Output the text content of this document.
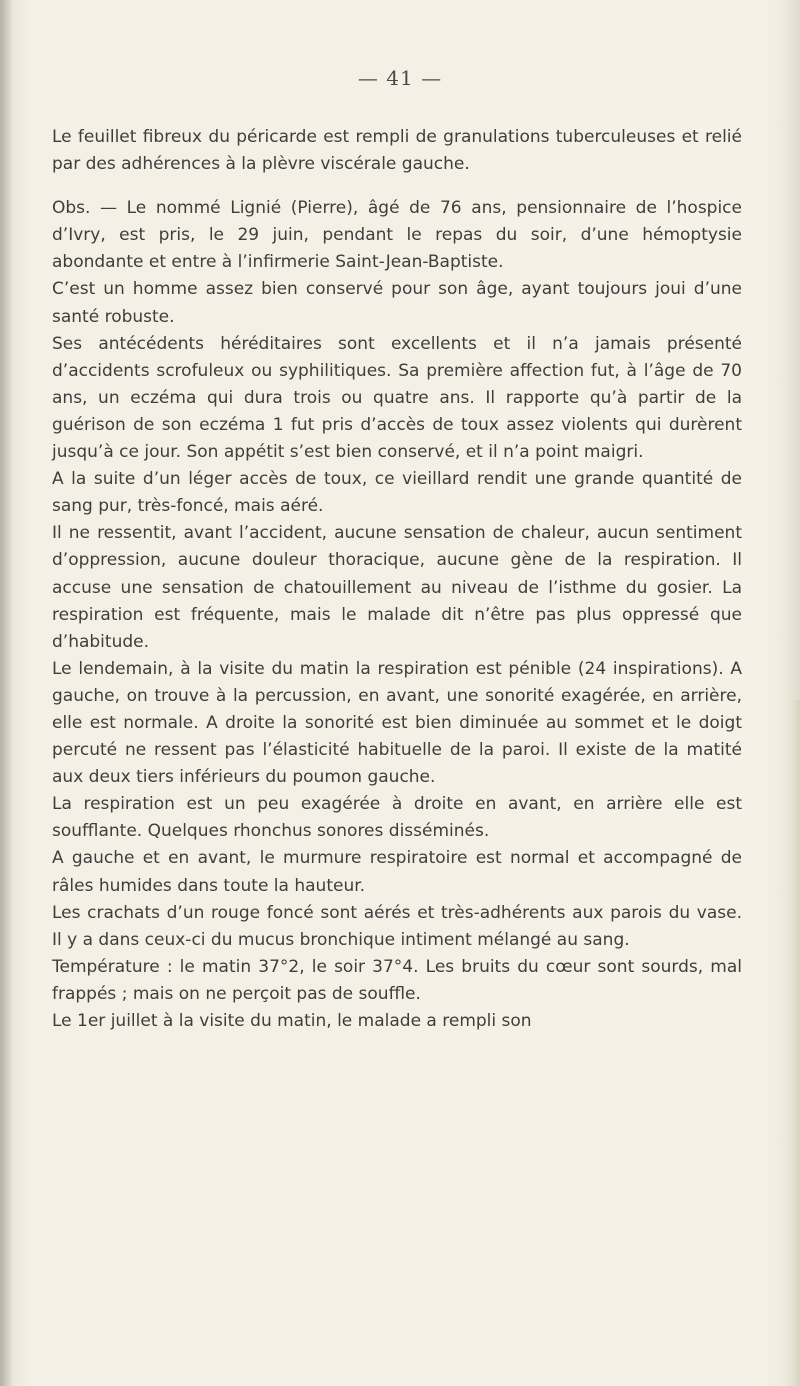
— 41 —

Le feuillet fibreux du péricarde est rempli de granulations tuberculeuses et relié par des adhérences à la plèvre viscérale gauche.

Obs. — Le nommé Lignié (Pierre), âgé de 76 ans, pensionnaire de l’hospice d’Ivry, est pris, le 29 juin, pendant le repas du soir, d’une hémoptysie abondante et entre à l’infirmerie Saint-Jean-Baptiste.

C’est un homme assez bien conservé pour son âge, ayant toujours joui d’une santé robuste.

Ses antécédents héréditaires sont excellents et il n’a jamais présenté d’accidents scrofuleux ou syphilitiques. Sa première affection fut, à l’âge de 70 ans, un eczéma qui dura trois ou quatre ans. Il rapporte qu’à partir de la guérison de son eczéma 1 fut pris d’accès de toux assez violents qui durèrent jusqu’à ce jour. Son appétit s’est bien conservé, et il n’a point maigri.

A la suite d’un léger accès de toux, ce vieillard rendit une grande quantité de sang pur, très-foncé, mais aéré.

Il ne ressentit, avant l’accident, aucune sensation de chaleur, aucun sentiment d’oppression, aucune douleur thoracique, aucune gène de la respiration. Il accuse une sensation de chatouillement au niveau de l’isthme du gosier. La respiration est fréquente, mais le malade dit n’être pas plus oppressé que d’habitude.

Le lendemain, à la visite du matin la respiration est pénible (24 inspirations). A gauche, on trouve à la percussion, en avant, une sonorité exagérée, en arrière, elle est normale. A droite la sonorité est bien diminuée au sommet et le doigt percuté ne ressent pas l’élasticité habituelle de la paroi. Il existe de la matité aux deux tiers inférieurs du poumon gauche.

La respiration est un peu exagérée à droite en avant, en arrière elle est soufflante. Quelques rhonchus sonores disséminés.

A gauche et en avant, le murmure respiratoire est normal et accompagné de râles humides dans toute la hauteur.

Les crachats d’un rouge foncé sont aérés et très-adhérents aux parois du vase. Il y a dans ceux-ci du mucus bronchique intiment mélangé au sang.

Température : le matin 37°2, le soir 37°4. Les bruits du cœur sont sourds, mal frappés ; mais on ne perçoit pas de souffle.

Le 1er juillet à la visite du matin, le malade a rempli son
